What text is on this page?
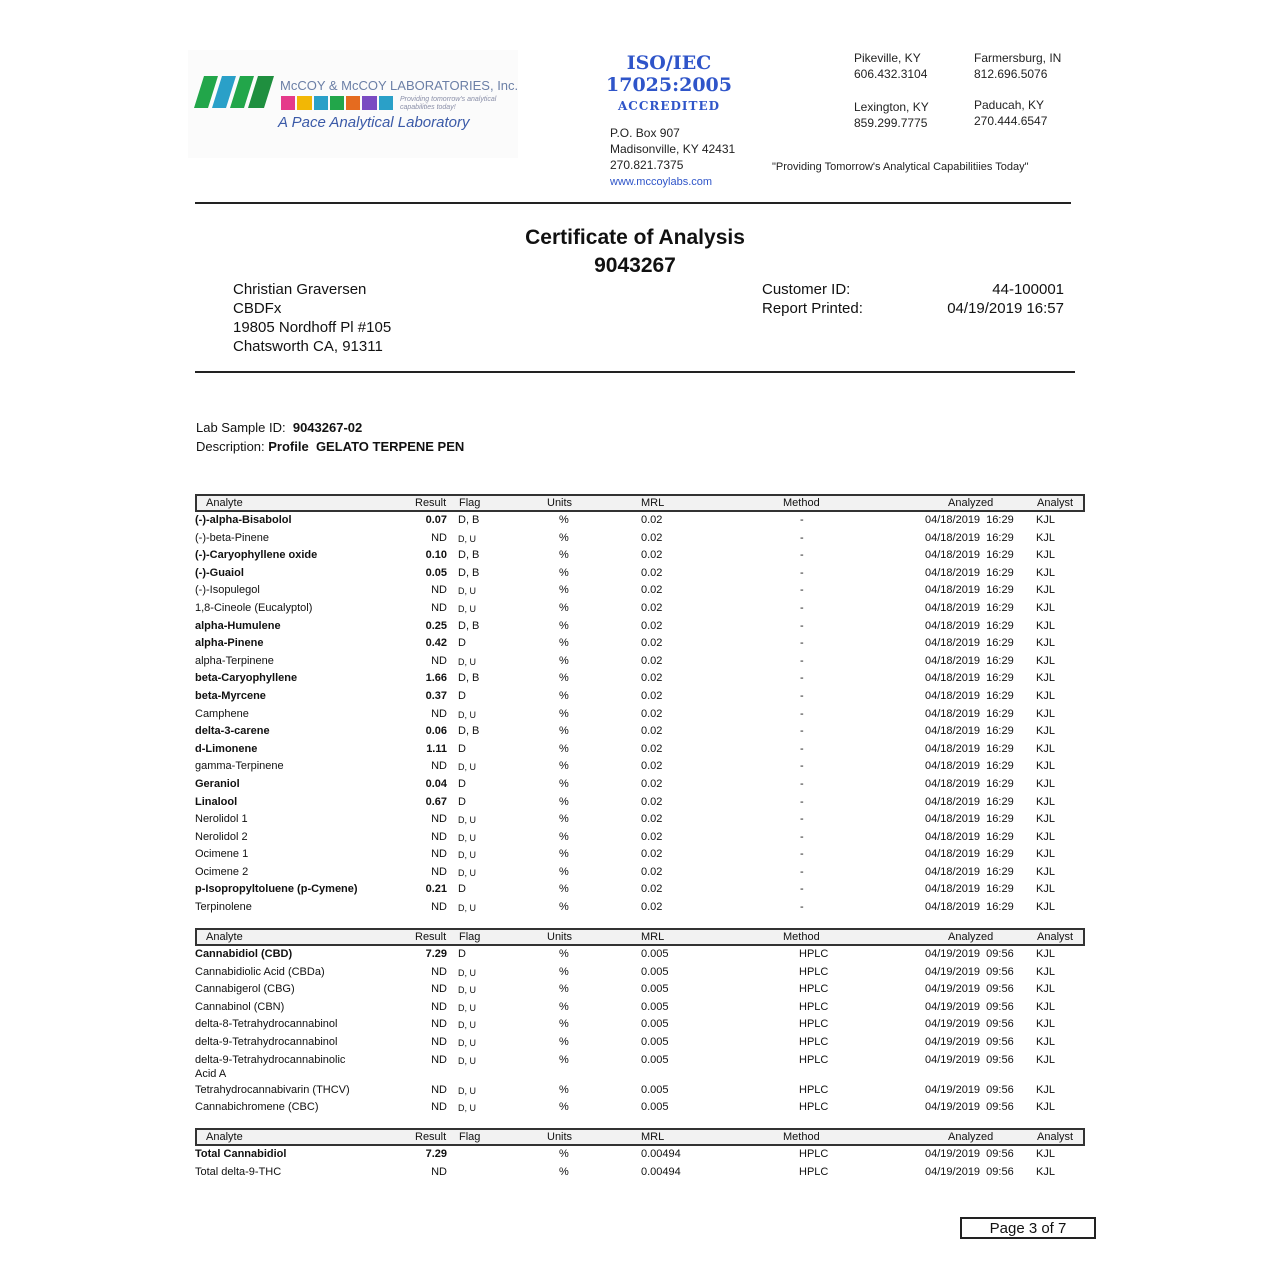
McCOY & McCOY LABORATORIES, Inc.
Providing tomorrow's analytical capabilities today!
A Pace Analytical Laboratory
ISO/IEC
17025:2005
ACCREDITED
P.O. Box 907
Madisonville, KY 42431
270.821.7375
www.mccoylabs.com
Pikeville, KY
606.432.3104
Farmersburg, IN
812.696.5076
Lexington, KY
859.299.7775
Paducah, KY
270.444.6547
"Providing Tomorrow's Analytical Capabilitiies Today"
Certificate of Analysis
9043267
Christian Graversen
CBDFx
19805 Nordhoff Pl #105
Chatsworth CA, 91311
Customer ID:
Report Printed:
44-100001
04/19/2019 16:57
Lab Sample ID: 9043267-02
Description: Profile  GELATO TERPENE PEN
Analyte	Result Flag	Units	MRL	Method	Analyzed	Analyst
(-)-alpha-Bisabolol	0.07 D, B	%	0.02	-	04/18/2019  16:29 KJL
(-)-beta-Pinene	ND D, U	%	0.02	-	04/18/2019  16:29 KJL
(-)-Caryophyllene oxide	0.10 D, B	%	0.02	-	04/18/2019  16:29 KJL
(-)-Guaiol	0.05 D, B	%	0.02	-	04/18/2019  16:29 KJL
(-)-Isopulegol	ND D, U	%	0.02	-	04/18/2019  16:29 KJL
1,8-Cineole (Eucalyptol)	ND D, U	%	0.02	-	04/18/2019  16:29 KJL
alpha-Humulene	0.25 D, B	%	0.02	-	04/18/2019  16:29 KJL
alpha-Pinene	0.42 D	%	0.02	-	04/18/2019  16:29 KJL
alpha-Terpinene	ND D, U	%	0.02	-	04/18/2019  16:29 KJL
beta-Caryophyllene	1.66 D, B	%	0.02	-	04/18/2019  16:29 KJL
beta-Myrcene	0.37 D	%	0.02	-	04/18/2019  16:29 KJL
Camphene	ND D, U	%	0.02	-	04/18/2019  16:29 KJL
delta-3-carene	0.06 D, B	%	0.02	-	04/18/2019  16:29 KJL
d-Limonene	1.11 D	%	0.02	-	04/18/2019  16:29 KJL
gamma-Terpinene	ND D, U	%	0.02	-	04/18/2019  16:29 KJL
Geraniol	0.04 D	%	0.02	-	04/18/2019  16:29 KJL
Linalool	0.67 D	%	0.02	-	04/18/2019  16:29 KJL
Nerolidol 1	ND D, U	%	0.02	-	04/18/2019  16:29 KJL
Nerolidol 2	ND D, U	%	0.02	-	04/18/2019  16:29 KJL
Ocimene 1	ND D, U	%	0.02	-	04/18/2019  16:29 KJL
Ocimene 2	ND D, U	%	0.02	-	04/18/2019  16:29 KJL
p-Isopropyltoluene (p-Cymene)	0.21 D	%	0.02	-	04/18/2019  16:29 KJL
Terpinolene	ND D, U	%	0.02	-	04/18/2019  16:29 KJL
Analyte	Result Flag	Units	MRL	Method	Analyzed	Analyst
Cannabidiol (CBD)	7.29 D	%	0.005	HPLC	04/19/2019  09:56 KJL
Cannabidiolic Acid (CBDa)	ND D, U	%	0.005	HPLC	04/19/2019  09:56 KJL
Cannabigerol (CBG)	ND D, U	%	0.005	HPLC	04/19/2019  09:56 KJL
Cannabinol (CBN)	ND D, U	%	0.005	HPLC	04/19/2019  09:56 KJL
delta-8-Tetrahydrocannabinol	ND D, U	%	0.005	HPLC	04/19/2019  09:56 KJL
delta-9-Tetrahydrocannabinol	ND D, U	%	0.005	HPLC	04/19/2019  09:56 KJL
delta-9-Tetrahydrocannabinolic	ND D, U	%	0.005	HPLC	04/19/2019  09:56 KJL
Acid A
Tetrahydrocannabivarin (THCV)	ND D, U	%	0.005	HPLC	04/19/2019  09:56 KJL
Cannabichromene (CBC)	ND D, U	%	0.005	HPLC	04/19/2019  09:56 KJL
Analyte	Result Flag	Units	MRL	Method	Analyzed	Analyst
Total Cannabidiol	7.29	%	0.00494	HPLC	04/19/2019  09:56 KJL
Total delta-9-THC	ND	%	0.00494	HPLC	04/19/2019  09:56 KJL
Page 3 of 7
